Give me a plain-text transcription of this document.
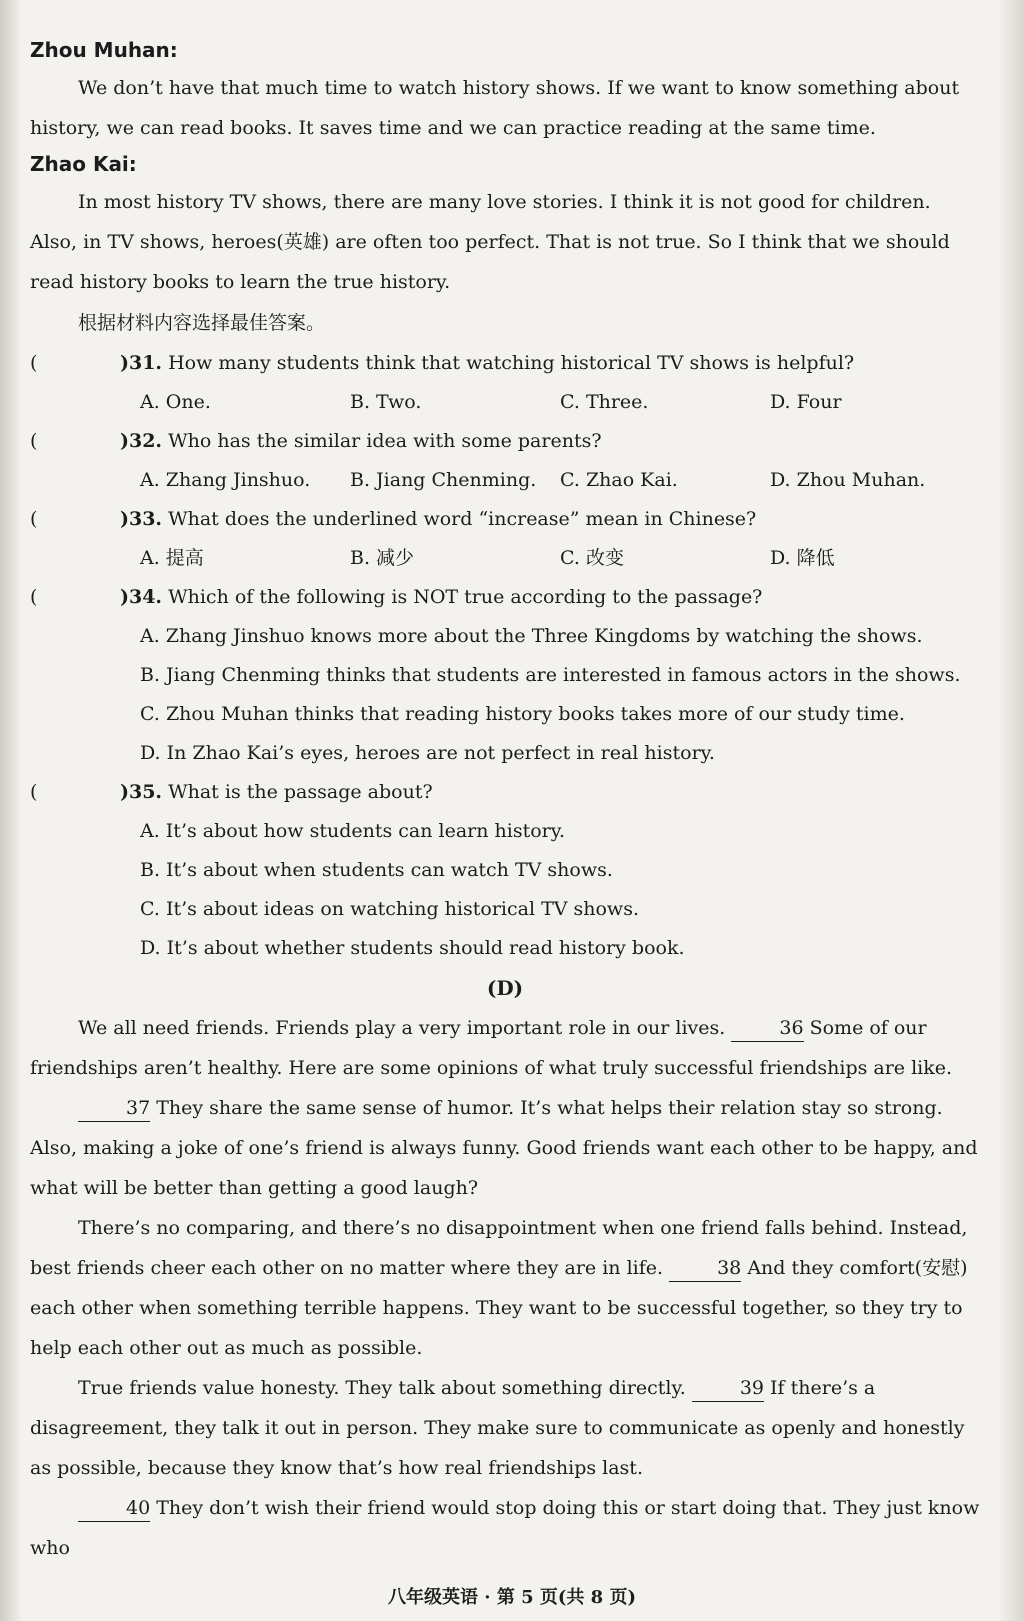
Zhou Muhan:

We don’t have that much time to watch history shows. If we want to know something about history, we can read books. It saves time and we can practice reading at the same time.

Zhao Kai:

In most history TV shows, there are many love stories. I think it is not good for children. Also, in TV shows, heroes(英雄) are often too perfect. That is not true. So I think that we should read history books to learn the true history.

根据材料内容选择最佳答案。

(	)31. How many students think that watching historical TV shows is helpful?

A. One.	B. Two.	C. Three.	D. Four

(	)32. Who has the similar idea with some parents?

A. Zhang Jinshuo.	B. Jiang Chenming.	C. Zhao Kai.	D. Zhou Muhan.

(	)33. What does the underlined word “increase” mean in Chinese?

A. 提高	B. 减少	C. 改变	D. 降低

(	)34. Which of the following is NOT true according to the passage?

A. Zhang Jinshuo knows more about the Three Kingdoms by watching the shows.
B. Jiang Chenming thinks that students are interested in famous actors in the shows.
C. Zhou Muhan thinks that reading history books takes more of our study time.
D. In Zhao Kai’s eyes, heroes are not perfect in real history.

(	)35. What is the passage about?

A. It’s about how students can learn history.
B. It’s about when students can watch TV shows.
C. It’s about ideas on watching historical TV shows.
D. It’s about whether students should read history book.

(D)

We all need friends. Friends play a very important role in our lives.	36 Some of our friendships aren’t healthy. Here are some opinions of what truly successful friendships are like.

37 They share the same sense of humor. It’s what helps their relation stay so strong. Also, making a joke of one’s friend is always funny. Good friends want each other to be happy, and what will be better than getting a good laugh?

There’s no comparing, and there’s no disappointment when one friend falls behind. Instead, best friends cheer each other on no matter where they are in life.	38 And they comfort(安慰) each other when something terrible happens. They want to be successful together, so they try to help each other out as much as possible.

True friends value honesty. They talk about something directly.	39 If there’s a disagreement, they talk it out in person. They make sure to communicate as openly and honestly as possible, because they know that’s how real friendships last.

40 They don’t wish their friend would stop doing this or start doing that. They just know who

八年级英语 · 第 5 页(共 8 页)
